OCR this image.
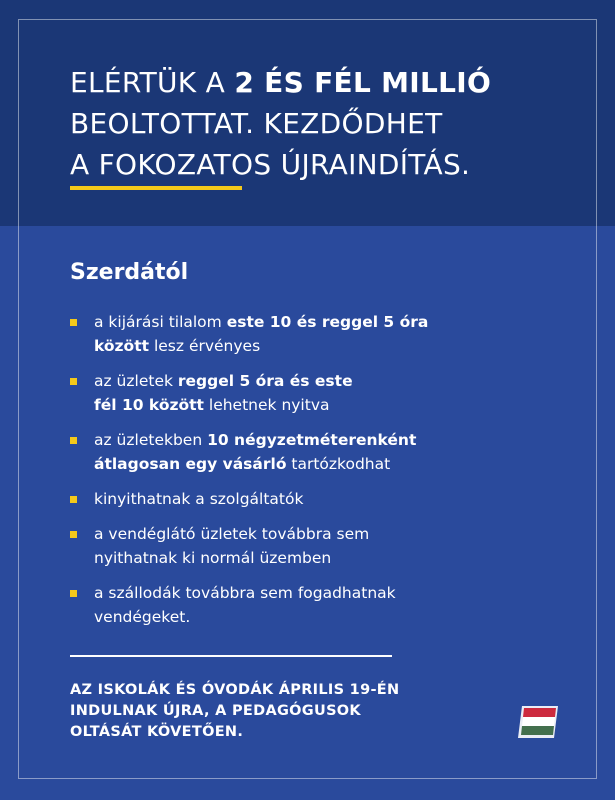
ELÉRTÜK A 2 ÉS FÉL MILLIÓ
BEOLTOTTAT. KEZDŐDHET
A FOKOZATOS ÚJRAINDÍTÁS.
Szerdától
a kijárási tilalom este 10 és reggel 5 óra
között lesz érvényes
az üzletek reggel 5 óra és este
fél 10 között lehetnek nyitva
az üzletekben 10 négyzetméterenként
átlagosan egy vásárló tartózkodhat
kinyithatnak a szolgáltatók
a vendéglátó üzletek továbbra sem
nyithatnak ki normál üzemben
a szállodák továbbra sem fogadhatnak
vendégeket.
AZ ISKOLÁK ÉS ÓVODÁK ÁPRILIS 19-ÉN
INDULNAK ÚJRA, A PEDAGÓGUSOK
OLTÁSÁT KÖVETŐEN.
